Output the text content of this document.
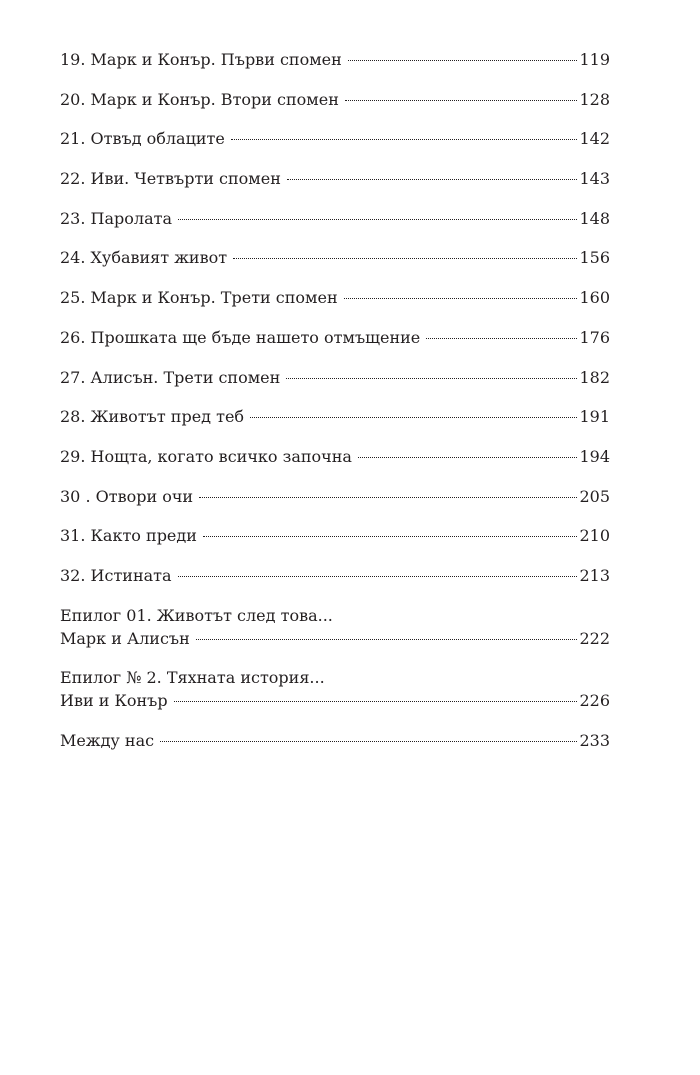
19. Марк и Конър. Първи спомен	119
20. Марк и Конър. Втори спомен	128
21. Отвъд облаците	142
22. Иви. Четвърти спомен	143
23. Паролата	148
24. Хубавият живот	156
25. Марк и Конър. Трети спомен	160
26. Прошката ще бъде нашето отмъщение	176
27. Алисън. Трети спомен	182
28. Животът пред теб	191
29. Нощта, когато всичко започна	194
30 . Отвори очи	205
31. Както преди	210
32. Истината	213
Епилог 01. Животът след това...
Марк и Алисън	222
Епилог № 2. Тяхната история...
Иви и Конър	226
Между нас	233
